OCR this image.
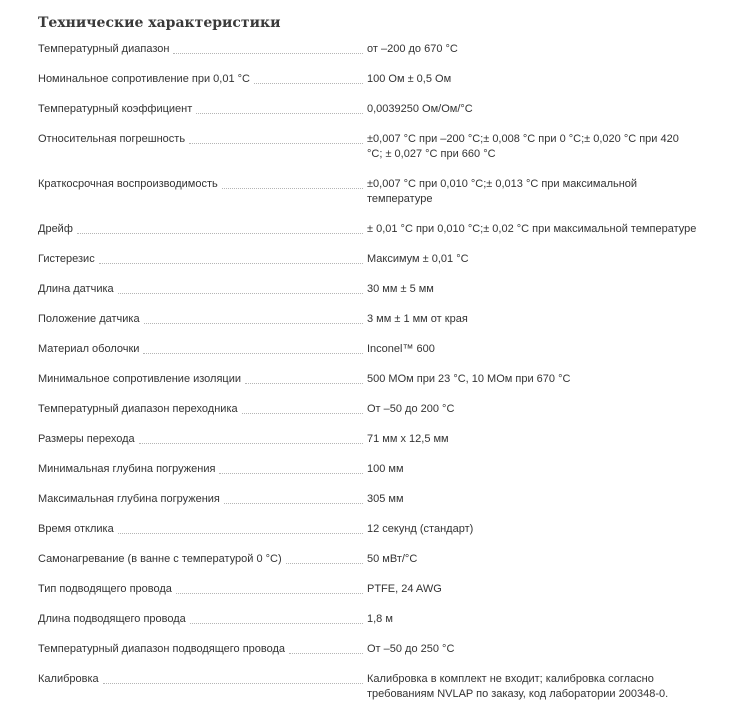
Технические характеристики
Температурный диапазон	от –200 до 670 °C
Номинальное сопротивление при 0,01 °C	100 Ом ± 0,5 Ом
Температурный коэффициент	0,0039250 Ом/Ом/°C
Относительная погрешность	±0,007 °C при –200 °C;± 0,008 °C при 0 °C;± 0,020 °C при 420 °C; ± 0,027 °C при 660 °C
Краткосрочная воспроизводимость	±0,007 °C при 0,010 °C;± 0,013 °C при максимальной температуре
Дрейф	± 0,01 °C при 0,010 °C;± 0,02 °C при максимальной температуре
Гистерезис	Максимум ± 0,01 °C
Длина датчика	30 мм ± 5 мм
Положение датчика	3 мм ± 1 мм от края
Материал оболочки	Inconel™ 600
Минимальное сопротивление изоляции	500 МОм при 23 °C, 10 МОм при 670 °C
Температурный диапазон переходника	От –50 до 200 °C
Размеры перехода	71 мм x 12,5 мм
Минимальная глубина погружения	100 мм
Максимальная глубина погружения	305 мм
Время отклика	12 секунд (стандарт)
Самонагревание (в ванне с температурой 0 °C)	50 мВт/°C
Тип подводящего провода	PTFE, 24 AWG
Длина подводящего провода	1,8 м
Температурный диапазон подводящего провода	От –50 до 250 °C
Калибровка	Калибровка в комплект не входит; калибровка согласно требованиям NVLAP по заказу, код лаборатории 200348-0.
